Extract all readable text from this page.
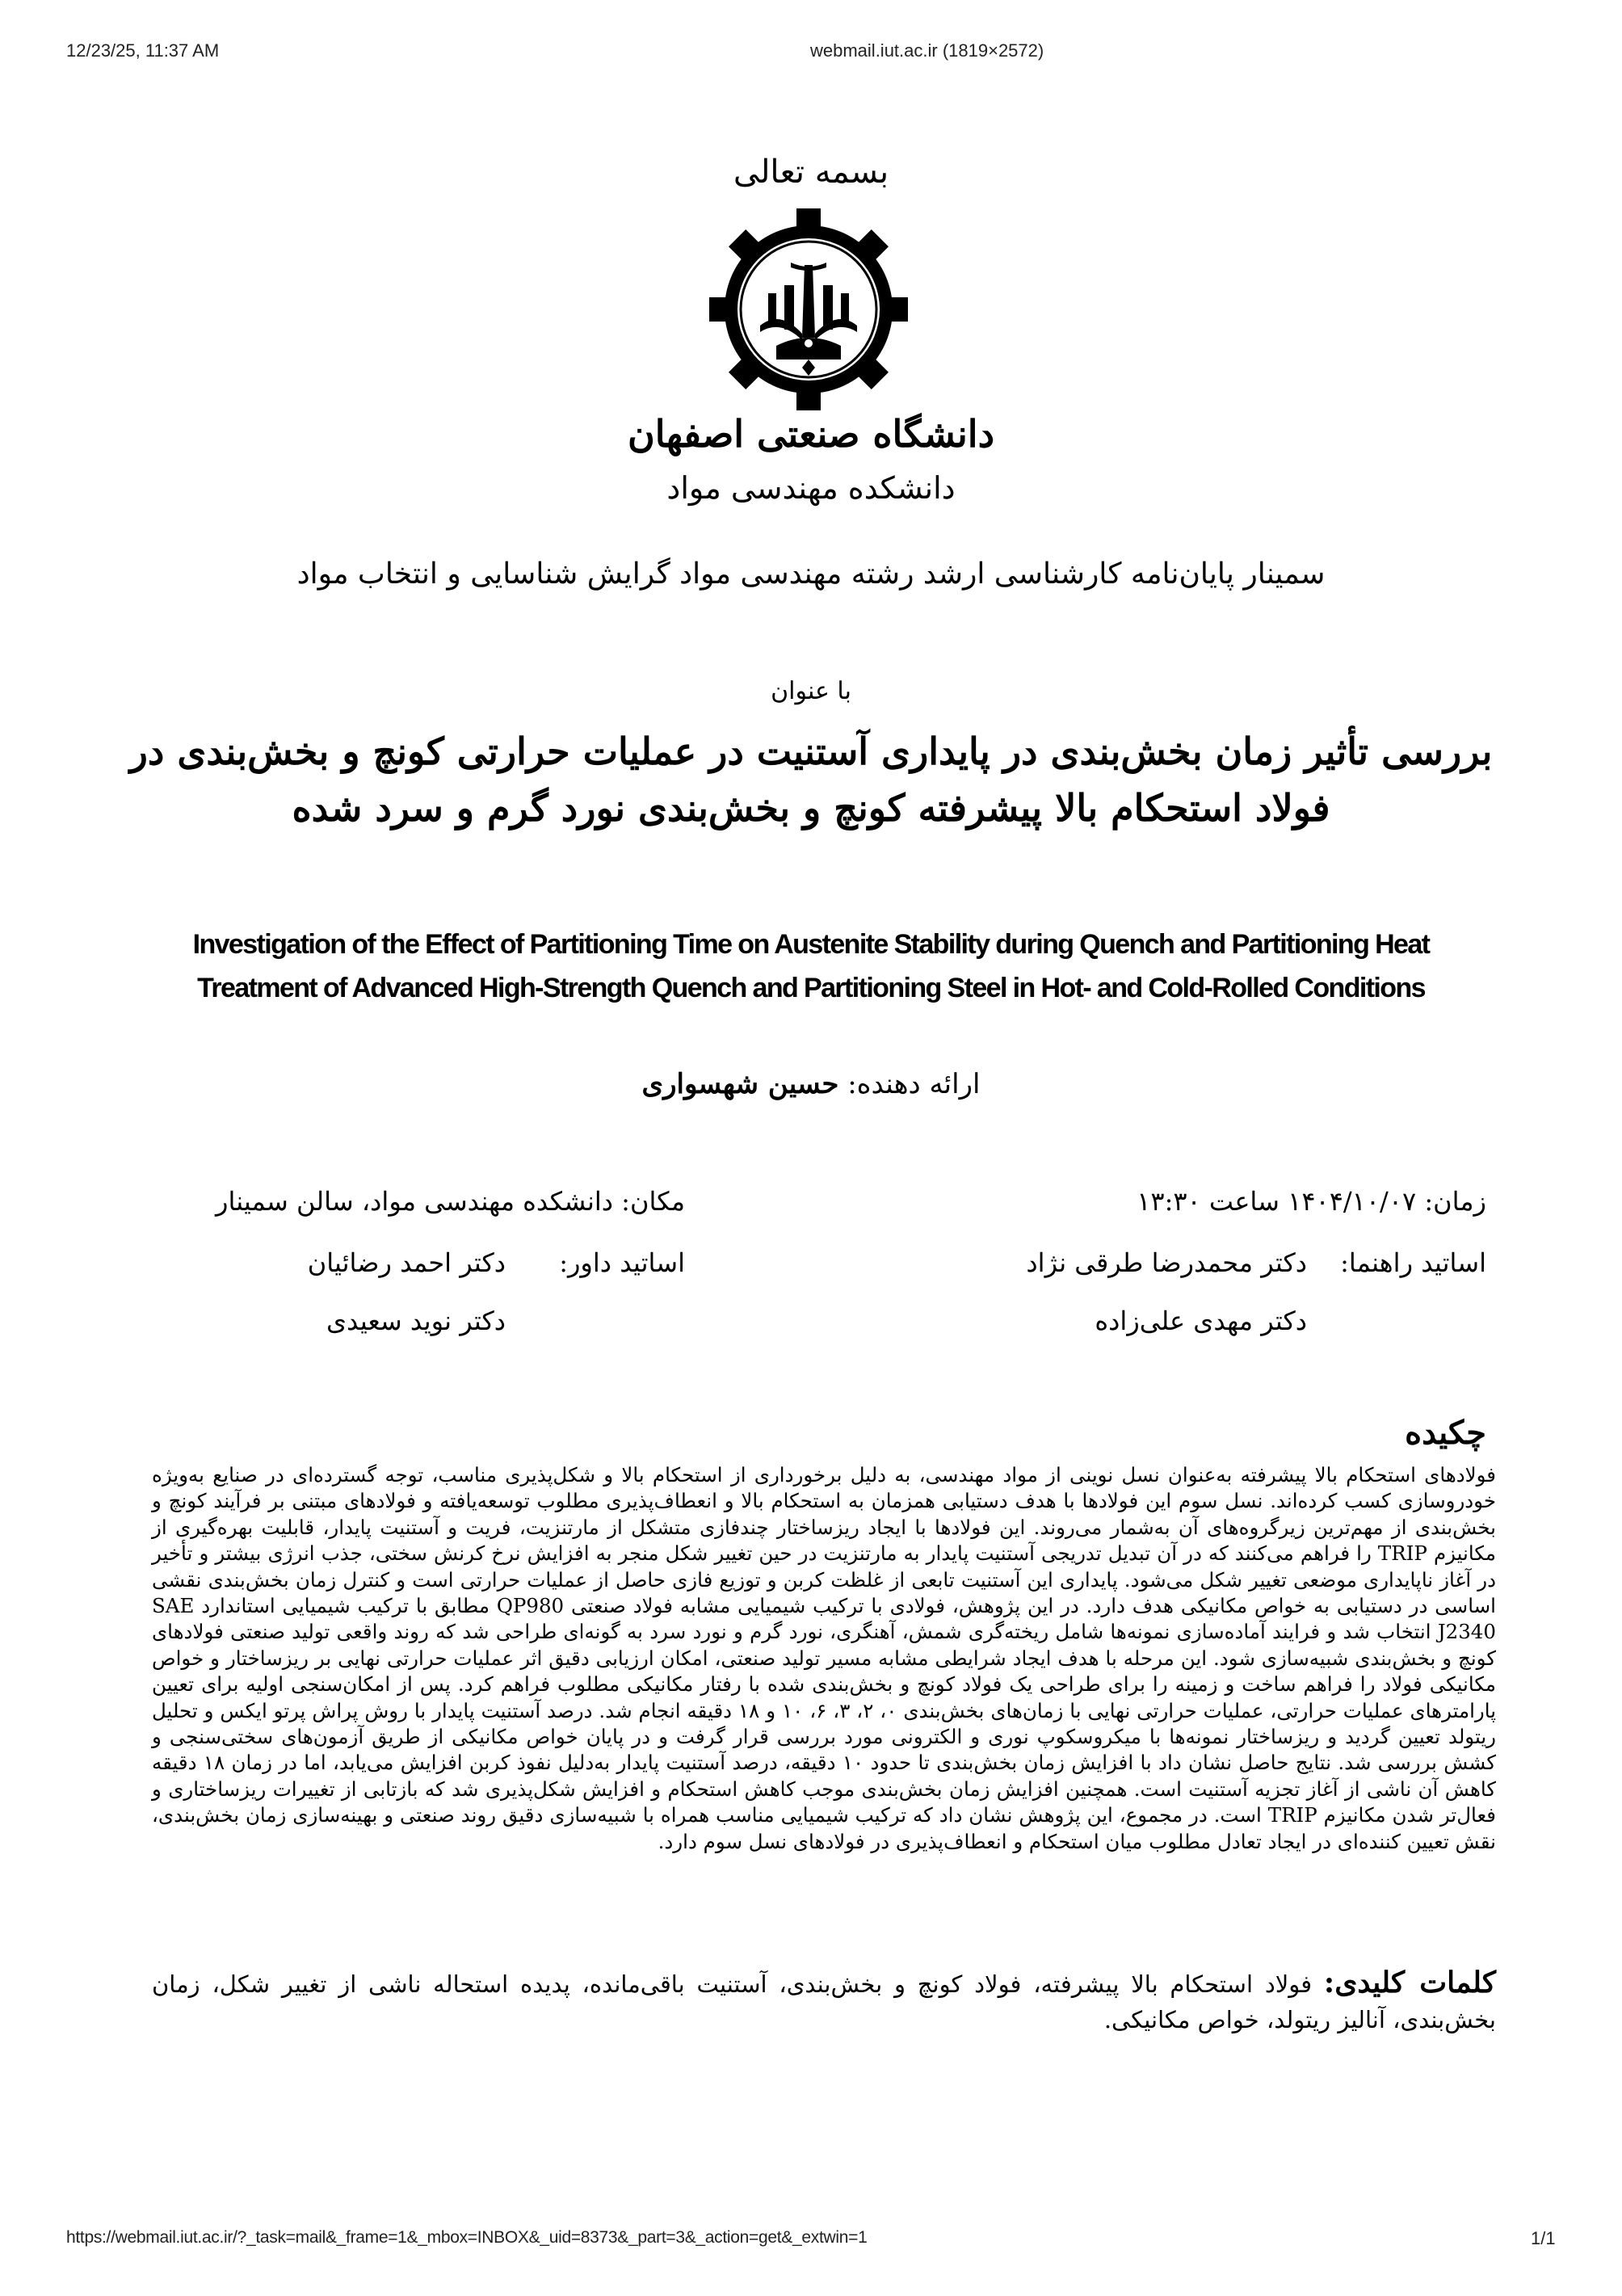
12/23/25, 11:37 AM	webmail.iut.ac.ir (1819×2572)
بسمه تعالی
دانشگاه صنعتی اصفهان
دانشکده مهندسی مواد
سمینار پایان‌نامه کارشناسی ارشد رشته مهندسی مواد گرایش شناسایی و انتخاب مواد
با عنوان
بررسی تأثیر زمان بخش‌بندی در پایداری آستنیت در عملیات حرارتی کونچ و بخش‌بندی در
فولاد استحکام بالا پیشرفته کونچ و بخش‌بندی نورد گرم و سرد شده
Investigation of the Effect of Partitioning Time on Austenite Stability during Quench and Partitioning Heat
Treatment of Advanced High-Strength Quench and Partitioning Steel in Hot- and Cold-Rolled Conditions
ارائه دهنده: حسین شهسواری
زمان: ۱۴۰۴/۱۰/۰۷ ساعت ۱۳:۳۰
مکان: دانشکده مهندسی مواد، سالن سمینار
اساتید راهنما:
دکتر محمدرضا طرقی نژاد
دکتر مهدی علی‌زاده
اساتید داور:
دکتر احمد رضائیان
دکتر نوید سعیدی
چکیده
فولادهای استحکام بالا پیشرفته به‌عنوان نسل نوینی از مواد مهندسی، به دلیل برخورداری از استحکام بالا و شکل‌پذیری مناسب، توجه گسترده‌ای در صنایع به‌ویژه خودروسازی کسب کرده‌اند. نسل سوم این فولادها با هدف دستیابی همزمان به استحکام بالا و انعطاف‌پذیری مطلوب توسعه‌یافته و فولادهای مبتنی بر فرآیند کونچ و بخش‌بندی از مهم‌ترین زیرگروه‌های آن به‌شمار می‌روند. این فولادها با ایجاد ریزساختار چندفازی متشکل از مارتنزیت، فریت و آستنیت پایدار، قابلیت بهره‌گیری از مکانیزم TRIP را فراهم می‌کنند که در آن تبدیل تدریجی آستنیت پایدار به مارتنزیت در حین تغییر شکل منجر به افزایش نرخ کرنش سختی، جذب انرژی بیشتر و تأخیر در آغاز ناپایداری موضعی تغییر شکل می‌شود. پایداری این آستنیت تابعی از غلظت کربن و توزیع فازی حاصل از عملیات حرارتی است و کنترل زمان بخش‌بندی نقشی اساسی در دستیابی به خواص مکانیکی هدف دارد. در این پژوهش، فولادی با ترکیب شیمیایی مشابه فولاد صنعتی QP980 مطابق با ترکیب شیمیایی استاندارد SAE J2340 انتخاب شد و فرایند آماده‌سازی نمونه‌ها شامل ریخته‌گری شمش، آهنگری، نورد گرم و نورد سرد به گونه‌ای طراحی شد که روند واقعی تولید صنعتی فولادهای کونچ و بخش‌بندی شبیه‌سازی شود. این مرحله با هدف ایجاد شرایطی مشابه مسیر تولید صنعتی، امکان ارزیابی دقیق اثر عملیات حرارتی نهایی بر ریزساختار و خواص مکانیکی فولاد را فراهم ساخت و زمینه را برای طراحی یک فولاد کونچ و بخش‌بندی شده با رفتار مکانیکی مطلوب فراهم کرد. پس از امکان‌سنجی اولیه برای تعیین پارامترهای عملیات حرارتی، عملیات حرارتی نهایی با زمان‌های بخش‌بندی ۰، ۲، ۳، ۶، ۱۰ و ۱۸ دقیقه انجام شد. درصد آستنیت پایدار با روش پراش پرتو ایکس و تحلیل ریتولد تعیین گردید و ریزساختار نمونه‌ها با میکروسکوپ نوری و الکترونی مورد بررسی قرار گرفت و در پایان خواص مکانیکی از طریق آزمون‌های سختی‌سنجی و کشش بررسی شد. نتایج حاصل نشان داد با افزایش زمان بخش‌بندی تا حدود ۱۰ دقیقه، درصد آستنیت پایدار به‌دلیل نفوذ کربن افزایش می‌یابد، اما در زمان ۱۸ دقیقه کاهش آن ناشی از آغاز تجزیه آستنیت است. همچنین افزایش زمان بخش‌بندی موجب کاهش استحکام و افزایش شکل‌پذیری شد که بازتابی از تغییرات ریزساختاری و فعال‌تر شدن مکانیزم TRIP است. در مجموع، این پژوهش نشان داد که ترکیب شیمیایی مناسب همراه با شبیه‌سازی دقیق روند صنعتی و بهینه‌سازی زمان بخش‌بندی، نقش تعیین کننده‌ای در ایجاد تعادل مطلوب میان استحکام و انعطاف‌پذیری در فولادهای نسل سوم دارد.
کلمات کلیدی: فولاد استحکام بالا پیشرفته، فولاد کونچ و بخش‌بندی، آستنیت باقی‌مانده، پدیده استحاله ناشی از تغییر شکل، زمان بخش‌بندی، آنالیز ریتولد، خواص مکانیکی.
https://webmail.iut.ac.ir/?_task=mail&_frame=1&_mbox=INBOX&_uid=8373&_part=3&_action=get&_extwin=1	1/1
